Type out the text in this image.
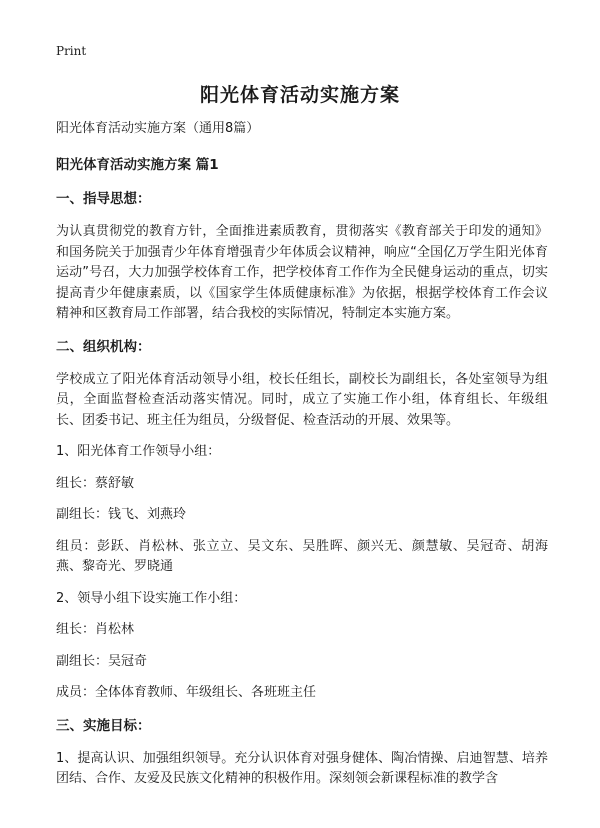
Print
阳光体育活动实施方案
阳光体育活动实施方案（通用8篇）
阳光体育活动实施方案 篇1
一、指导思想：
为认真贯彻党的教育方针，全面推进素质教育，贯彻落实《教育部关于印发的通知》和国务院关于加强青少年体育增强青少年体质会议精神，响应“全国亿万学生阳光体育运动”号召，大力加强学校体育工作，把学校体育工作作为全民健身运动的重点，切实提高青少年健康素质，以《国家学生体质健康标准》为依据，根据学校体育工作会议精神和区教育局工作部署，结合我校的实际情况，特制定本实施方案。
二、组织机构：
学校成立了阳光体育活动领导小组，校长任组长，副校长为副组长，各处室领导为组员，全面监督检查活动落实情况。同时，成立了实施工作小组，体育组长、年级组长、团委书记、班主任为组员，分级督促、检查活动的开展、效果等。
1、阳光体育工作领导小组：
组长：蔡舒敏
副组长：钱飞、刘燕玲
组员：彭跃、肖松林、张立立、吴文东、吴胜晖、颜兴无、颜慧敏、吴冠奇、胡海燕、黎奇光、罗晓通
2、领导小组下设实施工作小组：
组长：肖松林
副组长：吴冠奇
成员：全体体育教师、年级组长、各班班主任
三、实施目标：
1、提高认识、加强组织领导。充分认识体育对强身健体、陶冶情操、启迪智慧、培养团结、合作、友爱及民族文化精神的积极作用。深刻领会新课程标准的教学含
